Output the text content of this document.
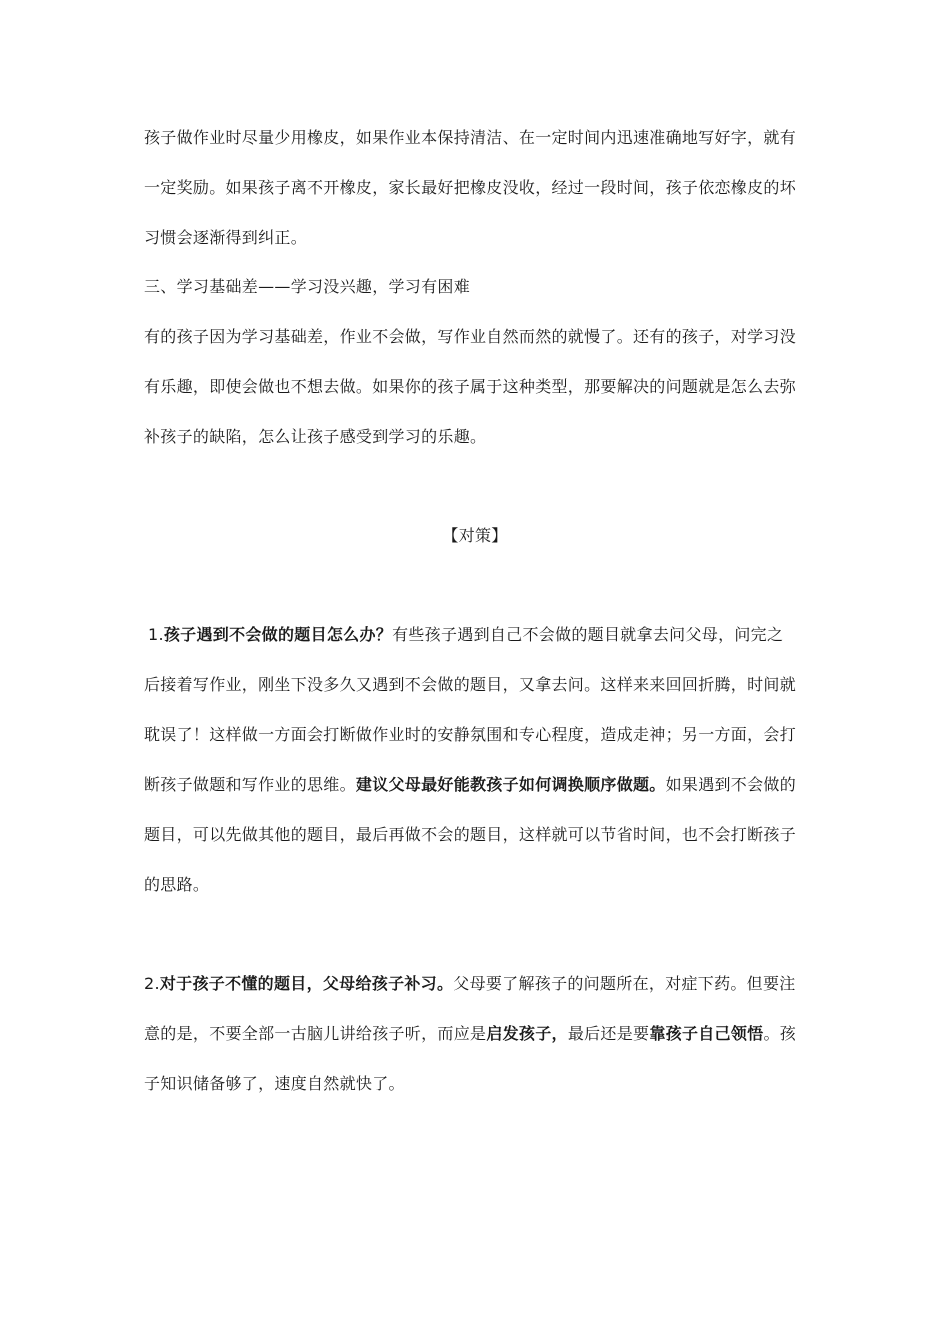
孩子做作业时尽量少用橡皮，如果作业本保持清洁、在一定时间内迅速准确地写好字，就有
一定奖励。如果孩子离不开橡皮，家长最好把橡皮没收，经过一段时间，孩子依恋橡皮的坏
习惯会逐渐得到纠正。
三、学习基础差——学习没兴趣，学习有困难
有的孩子因为学习基础差，作业不会做，写作业自然而然的就慢了。还有的孩子，对学习没
有乐趣，即使会做也不想去做。如果你的孩子属于这种类型，那要解决的问题就是怎么去弥
补孩子的缺陷，怎么让孩子感受到学习的乐趣。
【对策】
1.孩子遇到不会做的题目怎么办？有些孩子遇到自己不会做的题目就拿去问父母，问完之
后接着写作业，刚坐下没多久又遇到不会做的题目，又拿去问。这样来来回回折腾，时间就
耽误了！这样做一方面会打断做作业时的安静氛围和专心程度，造成走神；另一方面，会打
断孩子做题和写作业的思维。建议父母最好能教孩子如何调换顺序做题。如果遇到不会做的
题目，可以先做其他的题目，最后再做不会的题目，这样就可以节省时间，也不会打断孩子
的思路。
2.对于孩子不懂的题目，父母给孩子补习。父母要了解孩子的问题所在，对症下药。但要注
意的是，不要全部一古脑儿讲给孩子听，而应是启发孩子，最后还是要靠孩子自己领悟。孩
子知识储备够了，速度自然就快了。
